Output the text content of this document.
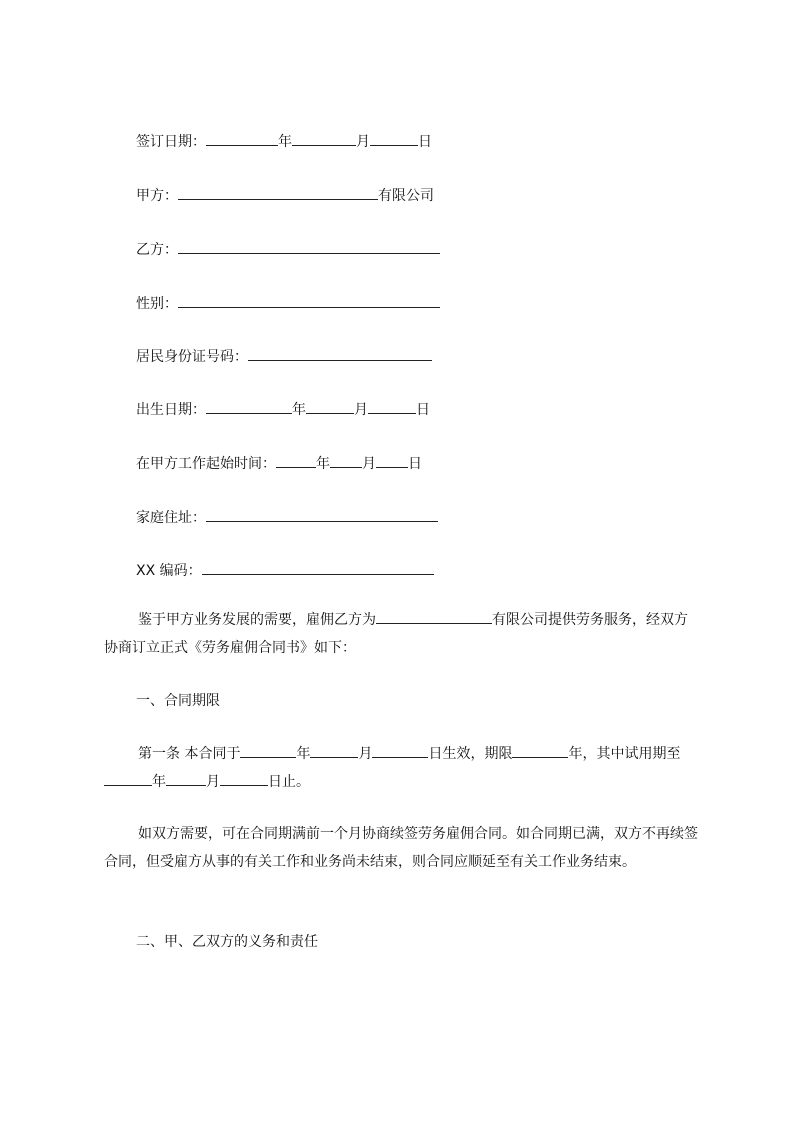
签订日期：	年	月	日
甲方：	有限公司
乙方：
性别：
居民身份证号码：
出生日期：	年	月	日
在甲方工作起始时间：	年 月 日
家庭住址：
XX 编码：
鉴于甲方业务发展的需要，雇佣乙方为	有限公司提供劳务服务，经双方协商订立正式《劳务雇佣合同书》如下：
一、合同期限
第一条 本合同于	年	月	日生效，期限	年，其中试用期至年	月	日止。
如双方需要，可在合同期满前一个月协商续签劳务雇佣合同。如合同期已满，双方不再续签合同，但受雇方从事的有关工作和业务尚未结束，则合同应顺延至有关工作业务结束。
二、甲、乙双方的义务和责任
